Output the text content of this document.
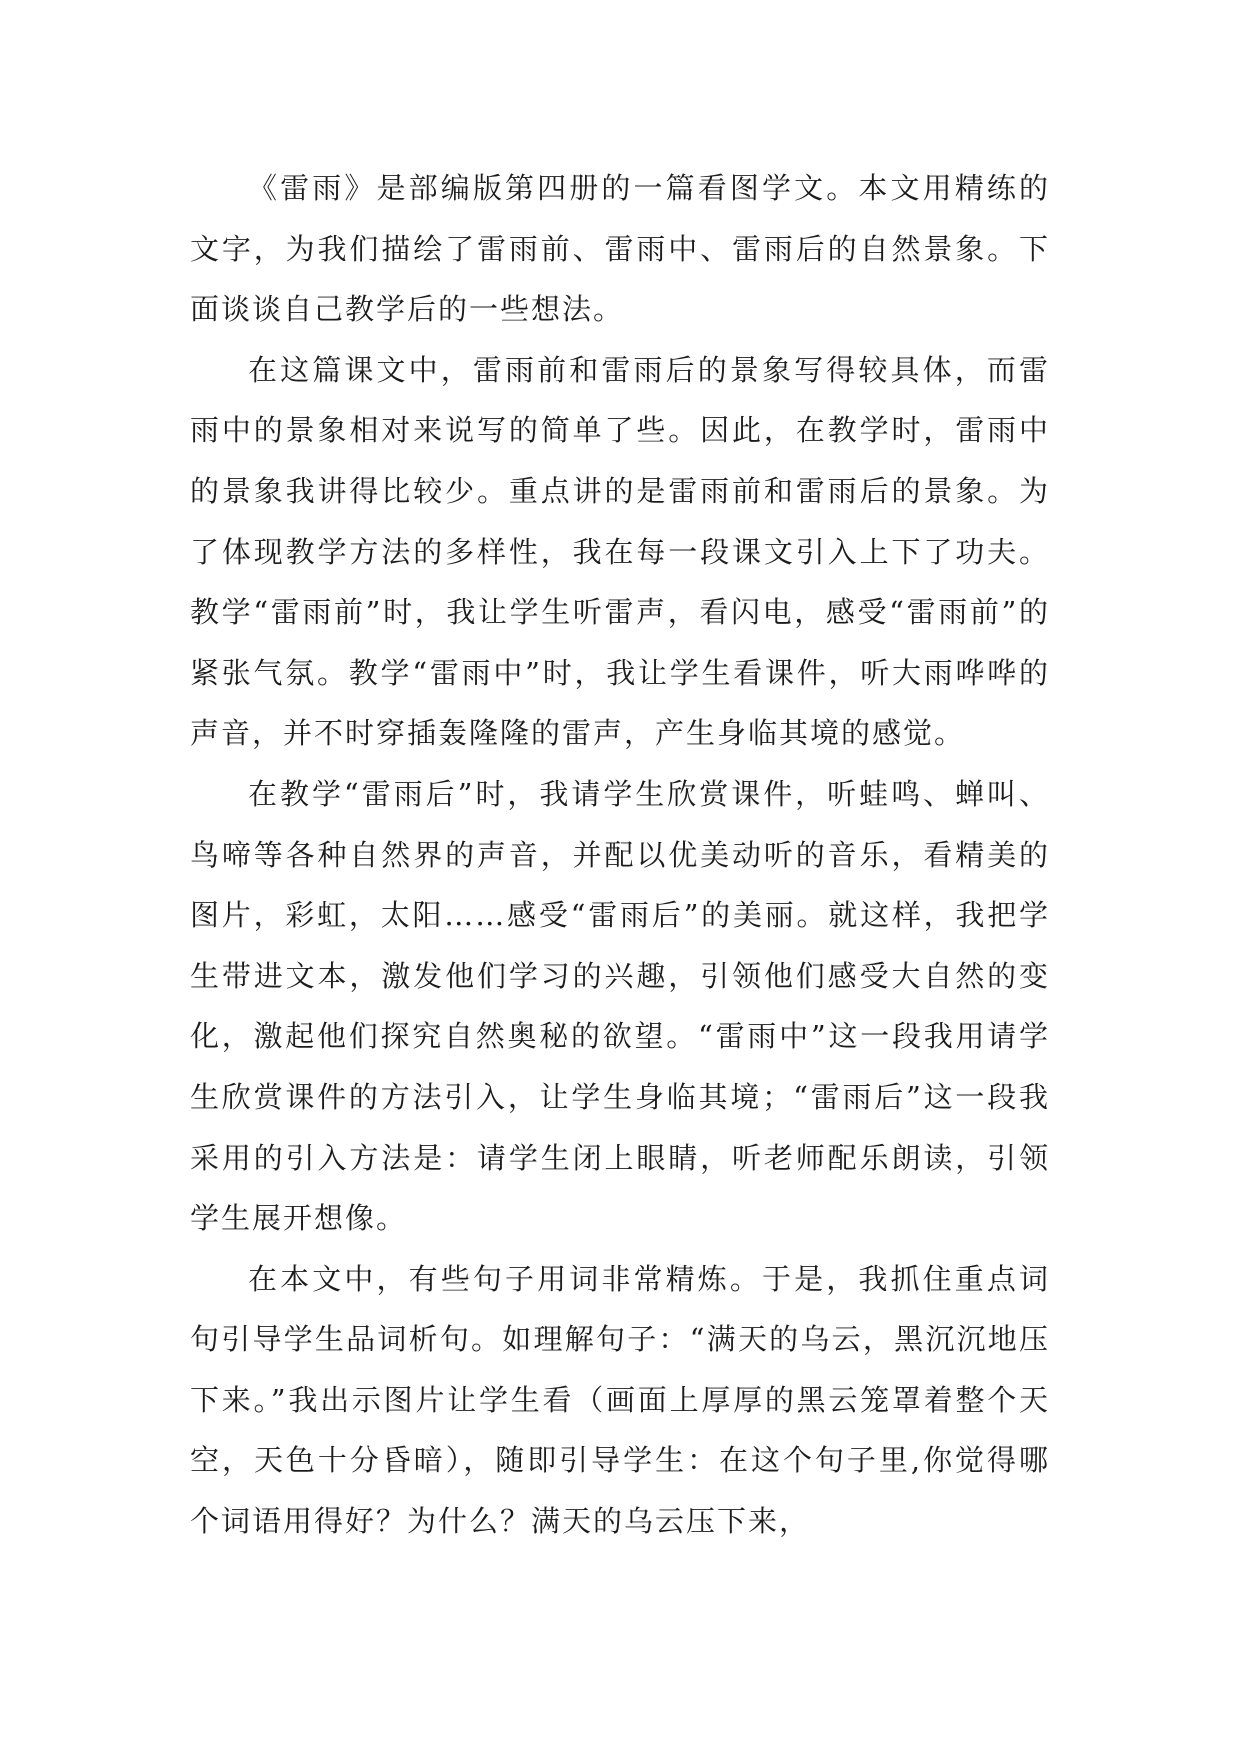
《雷雨》是部编版第四册的一篇看图学文。本文用精练的文字，为我们描绘了雷雨前、雷雨中、雷雨后的自然景象。下面谈谈自己教学后的一些想法。

在这篇课文中，雷雨前和雷雨后的景象写得较具体，而雷雨中的景象相对来说写的简单了些。因此，在教学时，雷雨中的景象我讲得比较少。重点讲的是雷雨前和雷雨后的景象。为了体现教学方法的多样性，我在每一段课文引入上下了功夫。教学“雷雨前”时，我让学生听雷声，看闪电，感受“雷雨前”的紧张气氛。教学“雷雨中”时，我让学生看课件，听大雨哗哗的声音，并不时穿插轰隆隆的雷声，产生身临其境的感觉。

在教学“雷雨后”时，我请学生欣赏课件，听蛙鸣、蝉叫、鸟啼等各种自然界的声音，并配以优美动听的音乐，看精美的图片，彩虹，太阳……感受“雷雨后”的美丽。就这样，我把学生带进文本，激发他们学习的兴趣，引领他们感受大自然的变化，激起他们探究自然奥秘的欲望。“雷雨中”这一段我用请学生欣赏课件的方法引入，让学生身临其境；“雷雨后”这一段我采用的引入方法是：请学生闭上眼睛，听老师配乐朗读，引领学生展开想像。

在本文中，有些句子用词非常精炼。于是，我抓住重点词句引导学生品词析句。如理解句子：“满天的乌云，黑沉沉地压下来。”我出示图片让学生看（画面上厚厚的黑云笼罩着整个天空，天色十分昏暗），随即引导学生：在这个句子里,你觉得哪个词语用得好？为什么？满天的乌云压下来，
